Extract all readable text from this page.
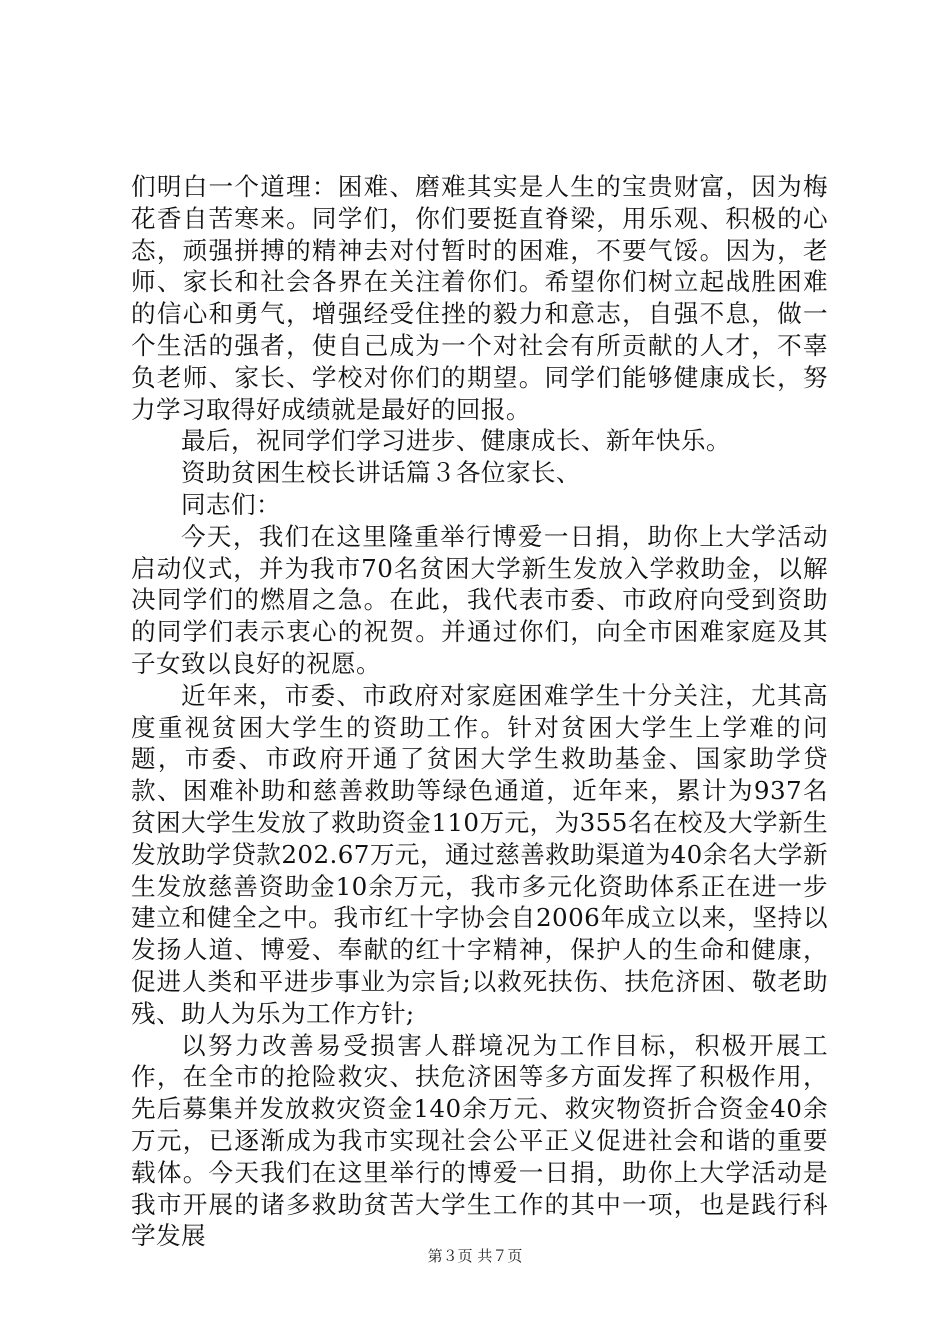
们明白一个道理：困难、磨难其实是人生的宝贵财富，因为梅花香自苦寒来。同学们，你们要挺直脊梁，用乐观、积极的心态，顽强拼搏的精神去对付暂时的困难，不要气馁。因为，老师、家长和社会各界在关注着你们。希望你们树立起战胜困难的信心和勇气，增强经受住挫的毅力和意志，自强不息，做一个生活的强者，使自己成为一个对社会有所贡献的人才，不辜负老师、家长、学校对你们的期望。同学们能够健康成长，努力学习取得好成绩就是最好的回报。

最后，祝同学们学习进步、健康成长、新年快乐。

资助贫困生校长讲话篇３各位家长、

同志们：

今天，我们在这里隆重举行博爱一日捐，助你上大学活动启动仪式，并为我市70名贫困大学新生发放入学救助金，以解决同学们的燃眉之急。在此，我代表市委、市政府向受到资助的同学们表示衷心的祝贺。并通过你们，向全市困难家庭及其子女致以良好的祝愿。

近年来，市委、市政府对家庭困难学生十分关注，尤其高度重视贫困大学生的资助工作。针对贫困大学生上学难的问题，市委、市政府开通了贫困大学生救助基金、国家助学贷款、困难补助和慈善救助等绿色通道，近年来，累计为937名贫困大学生发放了救助资金110万元，为355名在校及大学新生发放助学贷款202.67万元，通过慈善救助渠道为40余名大学新生发放慈善资助金10余万元，我市多元化资助体系正在进一步建立和健全之中。我市红十字协会自2006年成立以来，坚持以发扬人道、博爱、奉献的红十字精神，保护人的生命和健康，促进人类和平进步事业为宗旨;以救死扶伤、扶危济困、敬老助残、助人为乐为工作方针;

以努力改善易受损害人群境况为工作目标，积极开展工作，在全市的抢险救灾、扶危济困等多方面发挥了积极作用，先后募集并发放救灾资金140余万元、救灾物资折合资金40余万元，已逐渐成为我市实现社会公平正义促进社会和谐的重要载体。今天我们在这里举行的博爱一日捐，助你上大学活动是我市开展的诸多救助贫苦大学生工作的其中一项，也是践行科学发展

第３页 共７页
